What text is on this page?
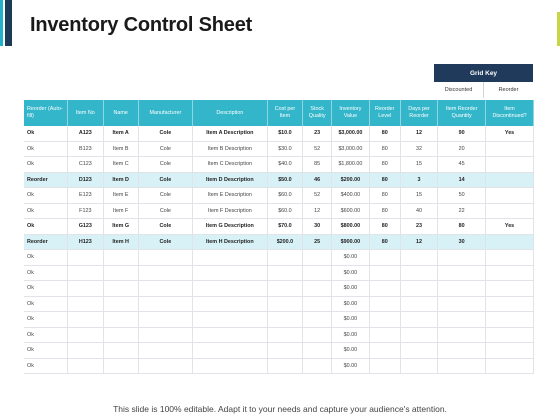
Inventory Control Sheet
Grid Key
Discounted	Reorder
Reorder (Auto-fill)	Item No	Name	Manufacturer	Description	Cost per Item	Stock Quality	Inventory Value	Reorder Level	Days per Reorder	Item Reorder Quantity	Item Discontinued?
Ok	A123	Item A	Cole	Item A Description	$10.0	23	$3,000.00	80	12	90	Yes
Ok	B123	Item B	Cole	Item B Description	$30.0	52	$3,000.00	80	32	20	
Ok	C123	Item C	Cole	Item C Description	$40.0	85	$1,800.00	80	15	45	
Reorder	D123	Item D	Cole	Item D Description	$50.0	46	$200.00	80	3	14	
Ok	E123	Item E	Cole	Item E Description	$60.0	52	$400.00	80	15	50	
Ok	F123	Item F	Cole	Item F Description	$60.0	12	$600.00	80	40	22	
Ok	G123	Item G	Cole	Item G Description	$70.0	30	$800.00	80	23	80	Yes
Reorder	H123	Item H	Cole	Item H Description	$200.0	25	$900.00	80	12	30	
Ok							$0.00				
Ok							$0.00				
Ok							$0.00				
Ok							$0.00				
Ok							$0.00				
Ok							$0.00				
Ok							$0.00				
Ok							$0.00				
This slide is 100% editable. Adapt it to your needs and capture your audience's attention.
